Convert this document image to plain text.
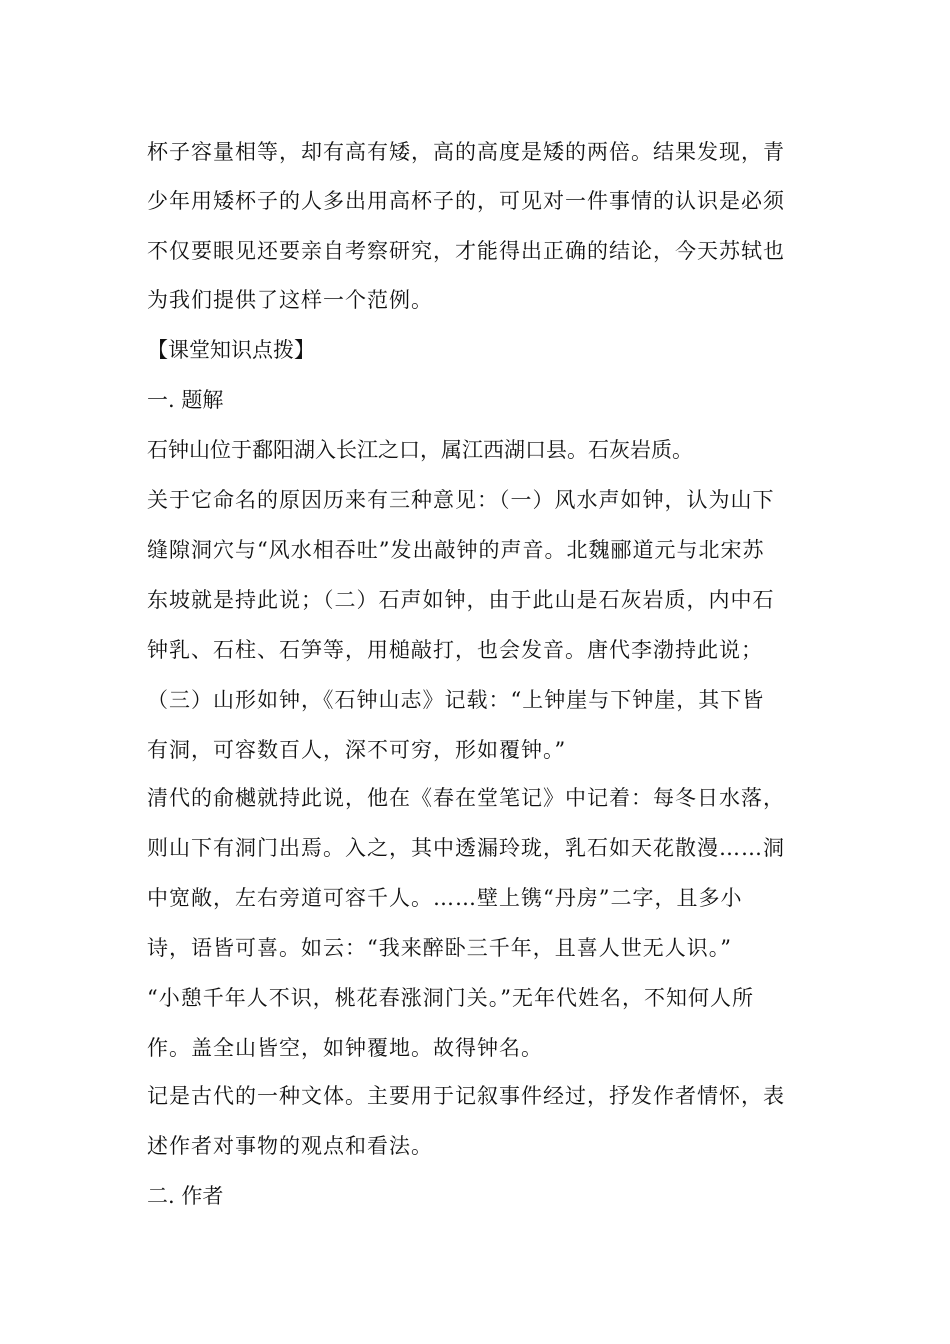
杯子容量相等，却有高有矮，高的高度是矮的两倍。结果发现，青
少年用矮杯子的人多出用高杯子的，可见对一件事情的认识是必须
不仅要眼见还要亲自考察研究，才能得出正确的结论，今天苏轼也
为我们提供了这样一个范例。
【课堂知识点拨】
一. 题解
石钟山位于鄱阳湖入长江之口，属江西湖口县。石灰岩质。
关于它命名的原因历来有三种意见：（一）风水声如钟，认为山下
缝隙洞穴与“风水相吞吐”发出敲钟的声音。北魏郦道元与北宋苏
东坡就是持此说；（二）石声如钟，由于此山是石灰岩质，内中石
钟乳、石柱、石笋等，用槌敲打，也会发音。唐代李渤持此说；
（三）山形如钟，《石钟山志》记载：“上钟崖与下钟崖，其下皆
有洞，可容数百人，深不可穷，形如覆钟。”
清代的俞樾就持此说，他在《春在堂笔记》中记着：每冬日水落，
则山下有洞门出焉。入之，其中透漏玲珑，乳石如天花散漫……洞
中宽敞，左右旁道可容千人。……壁上镌“丹房”二字，且多小
诗，语皆可喜。如云：“我来醉卧三千年，且喜人世无人识。”
“小憩千年人不识，桃花春涨洞门关。”无年代姓名，不知何人所
作。盖全山皆空，如钟覆地。故得钟名。
记是古代的一种文体。主要用于记叙事件经过，抒发作者情怀，表
述作者对事物的观点和看法。
二. 作者
